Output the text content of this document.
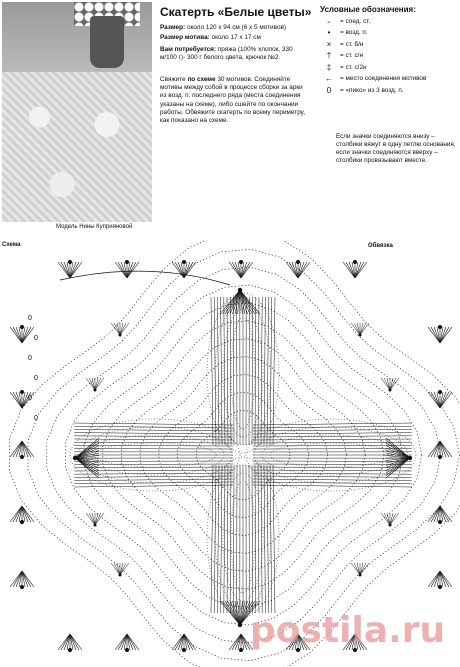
Модель Нины Куприяновой
Скатерть «Белые цветы»
Размер: около 120 х 94 см (6 х 5 мотивов)
Размер мотива: около 17 х 17 см
Вам потребуется: пряжа (100% хлопок, 330 м/100 г)- 300 г белого цвета, крючок №2.
Свяжите по схеме 30 мотивов. Соединяйте мотивы между собой в процессе сборки за арки из возд. п. последнего ряда (места соединения указаны на схеме), либо сшейте по окончании работы. Обвяжите скатерть по всему периметру, как показано на схеме.
Условные обозначения:
˶	= соед. ст.
•	= возд. п.
×	= ст. б/н
†	= ст. с/н
‡	= ст. с/2н
←	= место соединения мотивов
0	= «пико» из 3 возд. п.
Если значки соединяются внизу – столбики вяжут в одну петлю основания, если значки соединяются вверху – столбики провязывают вместе.
Схема	Обвязка
0
0
0
0
0
0
postila.ru
